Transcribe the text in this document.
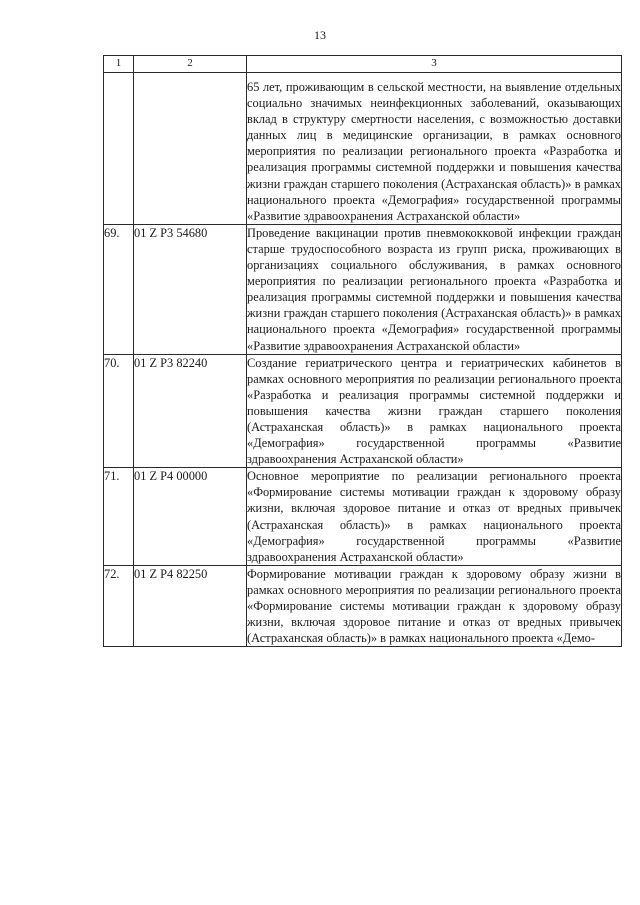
13
1	2	3
		65 лет, проживающим в сельской местности, на выявление отдельных социально значимых неинфекционных заболеваний, оказывающих вклад в структуру смертности населения, с возможностью доставки данных лиц в медицинские организации, в рамках основного мероприятия по реализации регионального проекта «Разработка и реализация программы системной поддержки и повышения качества жизни граждан старшего поколения (Астраханская область)» в рамках национального проекта «Демография» государственной программы «Развитие здравоохранения Астраханской области»
69.	01 Z P3 54680	Проведение вакцинации против пневмококковой инфекции граждан старше трудоспособного возраста из групп риска, проживающих в организациях социального обслуживания, в рамках основного мероприятия по реализации регионального проекта «Разработка и реализация программы системной поддержки и повышения качества жизни граждан старшего поколения (Астраханская область)» в рамках национального проекта «Демография» государственной программы «Развитие здравоохранения Астраханской области»
70.	01 Z P3 82240	Создание гериатрического центра и гериатрических кабинетов в рамках основного мероприятия по реализации регионального проекта «Разработка и реализация программы системной поддержки и повышения качества жизни граждан старшего поколения (Астраханская область)» в рамках национального проекта «Демография» государственной программы «Развитие здравоохранения Астраханской области»
71.	01 Z P4 00000	Основное мероприятие по реализации регионального проекта «Формирование системы мотивации граждан к здоровому образу жизни, включая здоровое питание и отказ от вредных привычек (Астраханская область)» в рамках национального проекта «Демография» государственной программы «Развитие здравоохранения Астраханской области»
72.	01 Z P4 82250	Формирование мотивации граждан к здоровому образу жизни в рамках основного мероприятия по реализации регионального проекта «Формирование системы мотивации граждан к здоровому образу жизни, включая здоровое питание и отказ от вредных привычек (Астраханская область)» в рамках национального проекта «Демо-
